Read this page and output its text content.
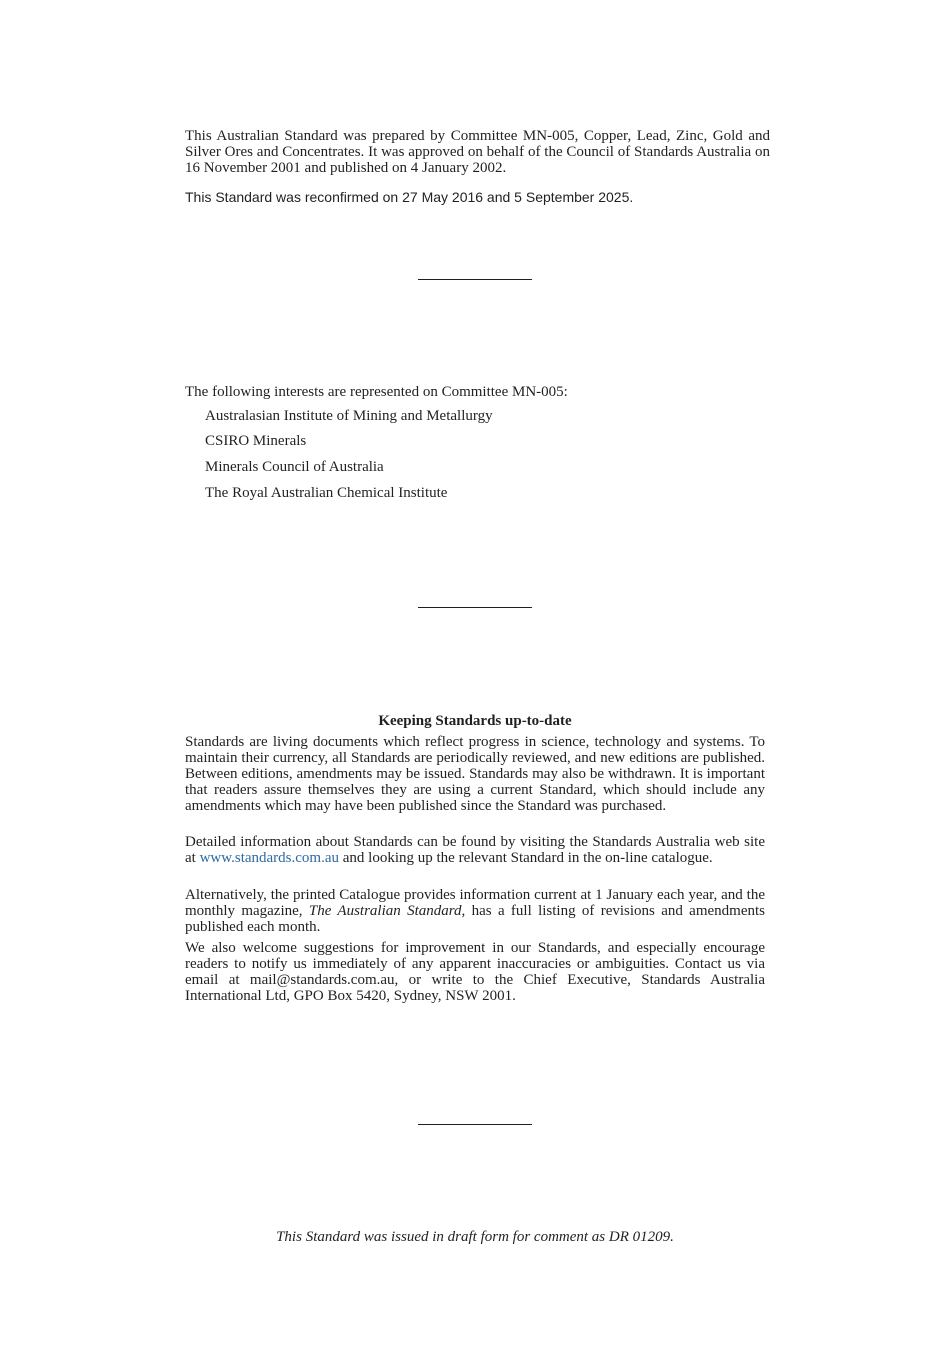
This Australian Standard was prepared by Committee MN-005, Copper, Lead, Zinc, Gold and Silver Ores and Concentrates. It was approved on behalf of the Council of Standards Australia on 16 November 2001 and published on 4 January 2002.
This Standard was reconfirmed on 27 May 2016 and 5 September 2025.
The following interests are represented on Committee MN-005:
Australasian Institute of Mining and Metallurgy
CSIRO Minerals
Minerals Council of Australia
The Royal Australian Chemical Institute
Keeping Standards up-to-date

Standards are living documents which reflect progress in science, technology and systems. To maintain their currency, all Standards are periodically reviewed, and new editions are published. Between editions, amendments may be issued. Standards may also be withdrawn. It is important that readers assure themselves they are using a current Standard, which should include any amendments which may have been published since the Standard was purchased.

Detailed information about Standards can be found by visiting the Standards Australia web site at www.standards.com.au and looking up the relevant Standard in the on-line catalogue.

Alternatively, the printed Catalogue provides information current at 1 January each year, and the monthly magazine, The Australian Standard, has a full listing of revisions and amendments published each month.

We also welcome suggestions for improvement in our Standards, and especially encourage readers to notify us immediately of any apparent inaccuracies or ambiguities. Contact us via email at mail@standards.com.au, or write to the Chief Executive, Standards Australia International Ltd, GPO Box 5420, Sydney, NSW 2001.

This Standard was issued in draft form for comment as DR 01209.
